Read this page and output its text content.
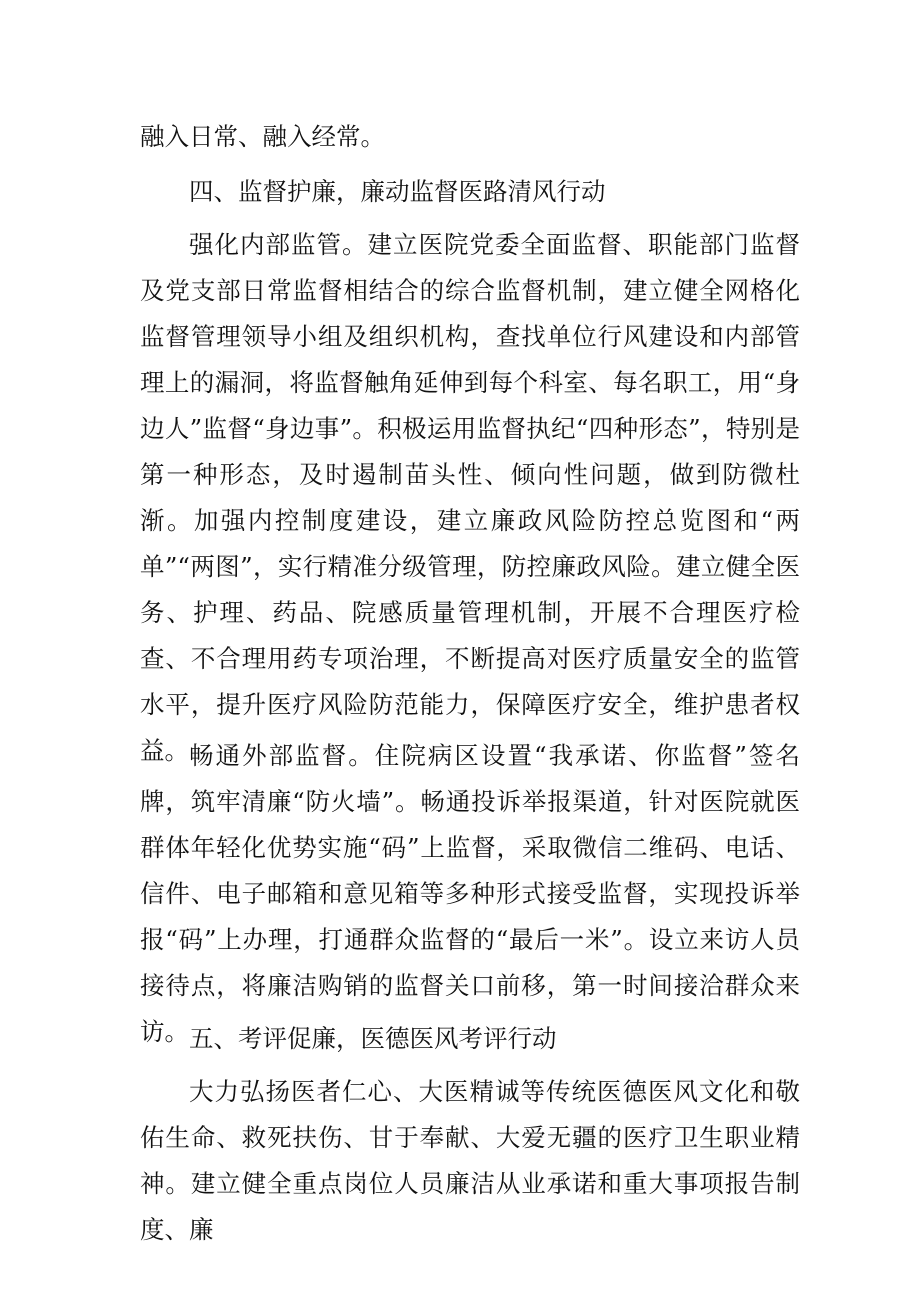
融入日常、融入经常。
四、监督护廉，廉动监督医路清风行动
强化内部监管。建立医院党委全面监督、职能部门监督及党支部日常监督相结合的综合监督机制，建立健全网格化监督管理领导小组及组织机构，查找单位行风建设和内部管理上的漏洞，将监督触角延伸到每个科室、每名职工，用“身边人”监督“身边事”。积极运用监督执纪“四种形态”，特别是第一种形态，及时遏制苗头性、倾向性问题，做到防微杜渐。加强内控制度建设，建立廉政风险防控总览图和“两单”“两图”，实行精准分级管理，防控廉政风险。建立健全医务、护理、药品、院感质量管理机制，开展不合理医疗检查、不合理用药专项治理，不断提高对医疗质量安全的监管水平，提升医疗风险防范能力，保障医疗安全，维护患者权益。 畅通外部监督。住院病区设置“我承诺、你监督”签名牌，筑牢清廉“防火墙”。畅通投诉举报渠道，针对医院就医群体年轻化优势实施“码”上监督，采取微信二维码、电话、信件、电子邮箱和意见箱等多种形式接受监督，实现投诉举报“码”上办理，打通群众监督的“最后一米”。设立来访人员接待点，将廉洁购销的监督关口前移，第一时间接洽群众来访。 五、考评促廉，医德医风考评行动
大力弘扬医者仁心、大医精诚等传统医德医风文化和敬佑生命、救死扶伤、甘于奉献、大爱无疆的医疗卫生职业精神。建立健全重点岗位人员廉洁从业承诺和重大事项报告制度、廉
